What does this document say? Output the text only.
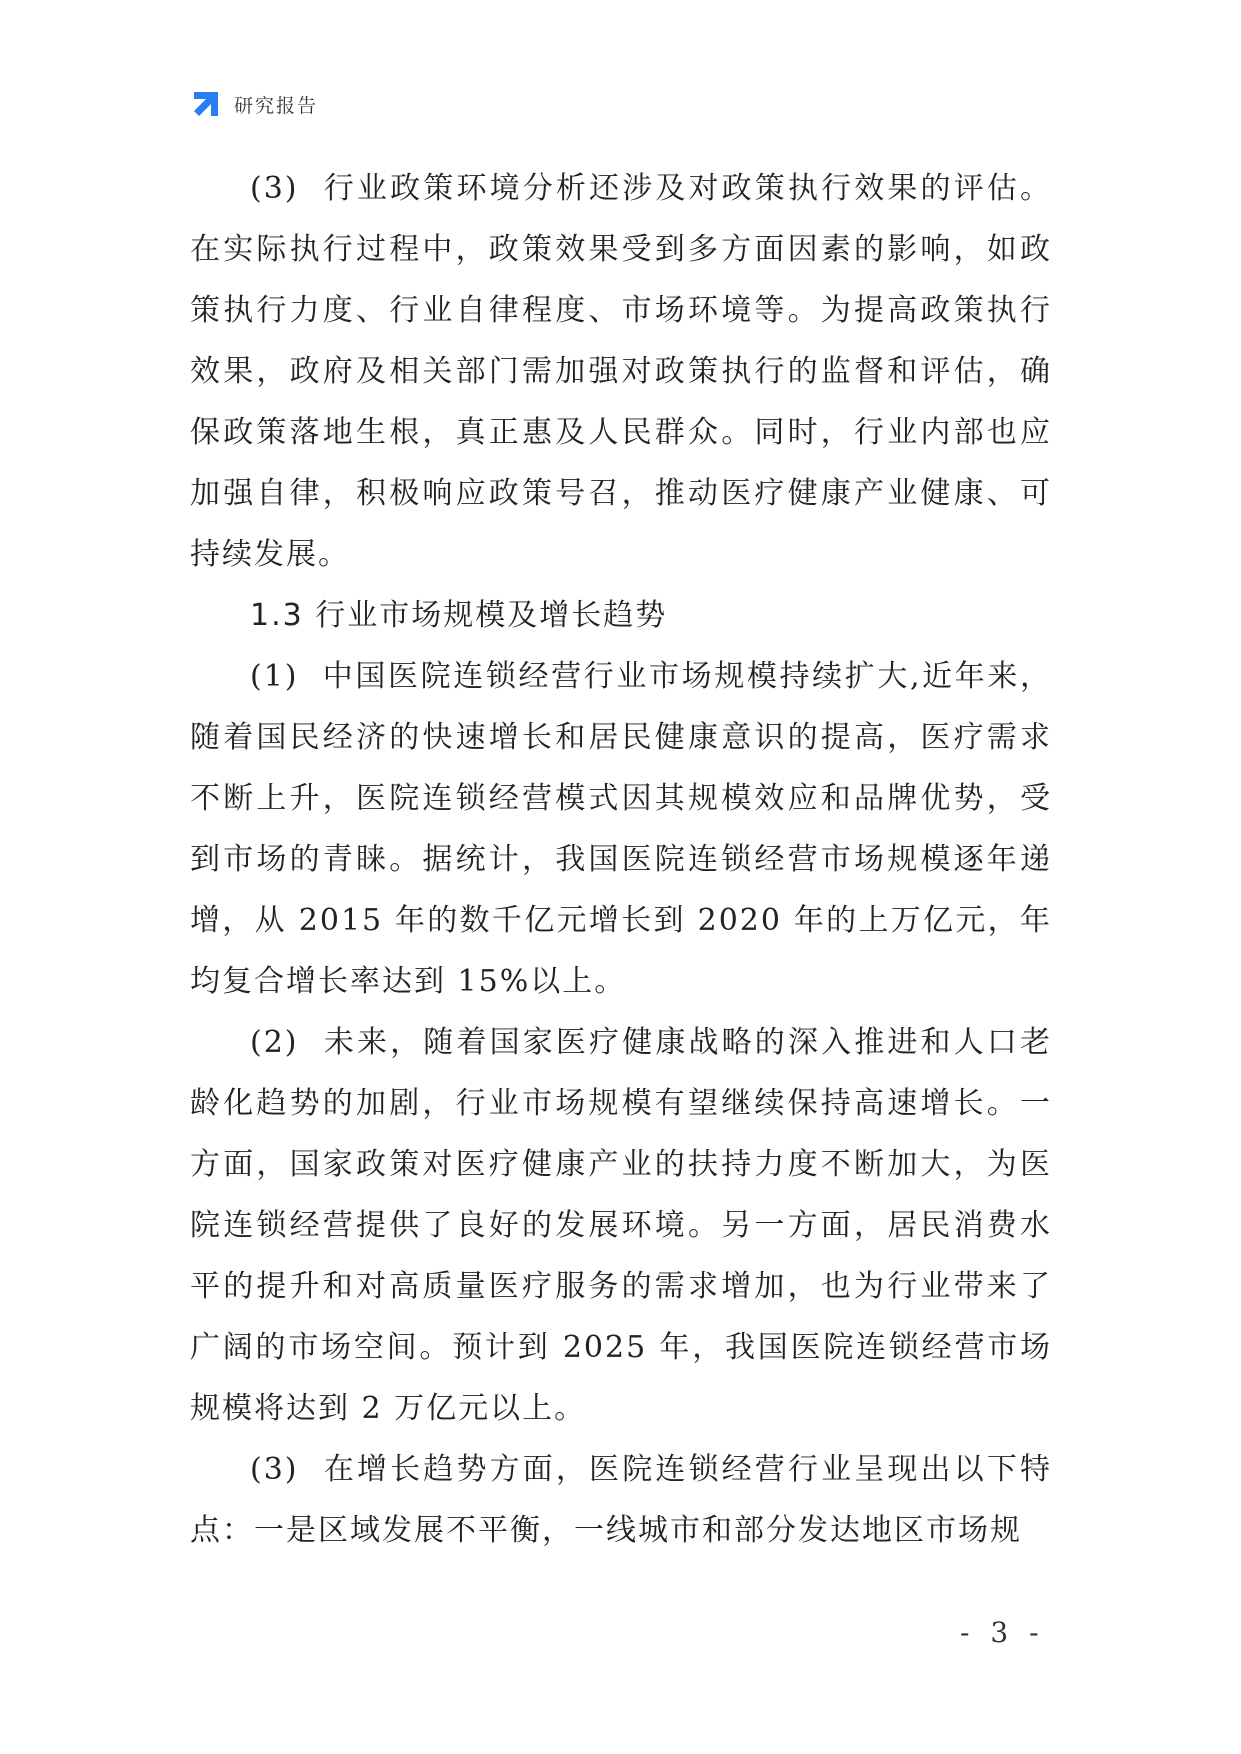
研究报告

(3)  行业政策环境分析还涉及对政策执行效果的评估。在实际执行过程中，政策效果受到多方面因素的影响，如政策执行力度、行业自律程度、市场环境等。为提高政策执行效果，政府及相关部门需加强对政策执行的监督和评估，确保政策落地生根，真正惠及人民群众。同时，行业内部也应加强自律，积极响应政策号召，推动医疗健康产业健康、可持续发展。

1.3 行业市场规模及增长趋势

(1)  中国医院连锁经营行业市场规模持续扩大,近年来，随着国民经济的快速增长和居民健康意识的提高，医疗需求不断上升，医院连锁经营模式因其规模效应和品牌优势，受到市场的青睐。据统计，我国医院连锁经营市场规模逐年递增，从 2015 年的数千亿元增长到 2020 年的上万亿元，年均复合增长率达到 15%以上。

(2)  未来，随着国家医疗健康战略的深入推进和人口老龄化趋势的加剧，行业市场规模有望继续保持高速增长。一方面，国家政策对医疗健康产业的扶持力度不断加大，为医院连锁经营提供了良好的发展环境。另一方面，居民消费水平的提升和对高质量医疗服务的需求增加，也为行业带来了广阔的市场空间。预计到 2025 年，我国医院连锁经营市场规模将达到 2 万亿元以上。

(3)  在增长趋势方面，医院连锁经营行业呈现出以下特点：一是区域发展不平衡，一线城市和部分发达地区市场规

- 3 -
